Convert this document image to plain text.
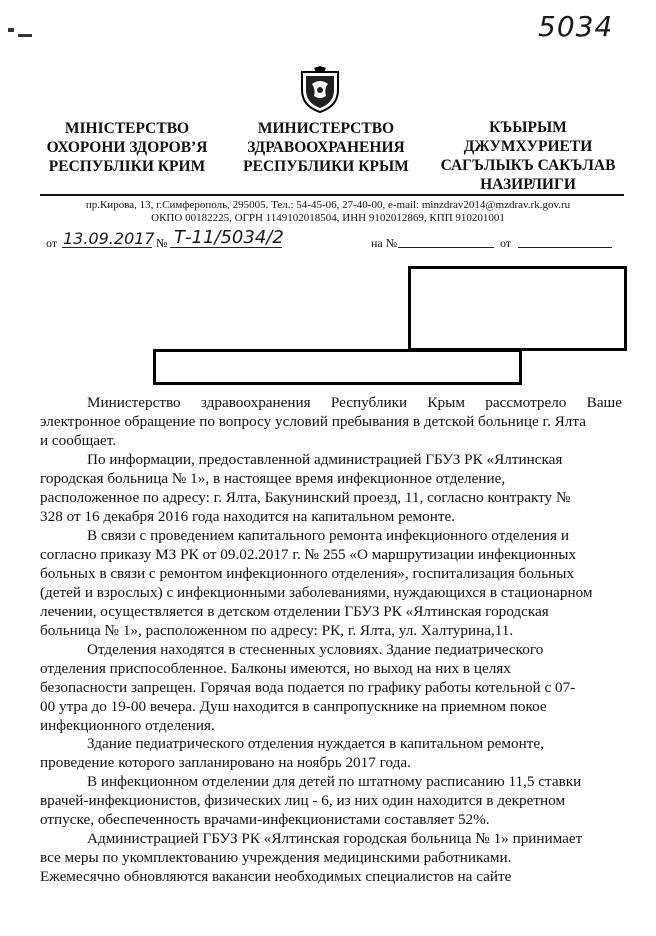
5034
МІНІСТЕРСТВО
ОХОРОНИ ЗДОРОВ’Я
РЕСПУБЛІКИ КРИМ
МИНИСТЕРСТВО
ЗДРАВООХРАНЕНИЯ
РЕСПУБЛИКИ КРЫМ
КЪЫРЫМ
ДЖУМХУРИЕТИ
САГЪЛЫКЪ САКЪЛАВ
НАЗИРЛИГИ
пр.Кирова, 13, г.Симферополь, 295005. Тел.: 54-45-06, 27-40-00, e-mail: minzdrav2014@mzdrav.rk.gov.ru
ОКПО 00182225, ОГРН 1149102018504, ИНН 9102012869, КПП 910201001
от 13.09.2017 № Т-11/5034/2	на №	от
Министерство здравоохранения Республики Крым рассмотрело Ваше
электронное обращение по вопросу условий пребывания в детской больнице г. Ялта
и сообщает.
По информации, предоставленной администрацией ГБУЗ РК «Ялтинская
городская больница № 1», в настоящее время инфекционное отделение,
расположенное по адресу: г. Ялта, Бакунинский проезд, 11, согласно контракту №
328 от 16 декабря 2016 года находится на капитальном ремонте.
В связи с проведением капитального ремонта инфекционного отделения и
согласно приказу МЗ РК от 09.02.2017 г. № 255 «О маршрутизации инфекционных
больных в связи с ремонтом инфекционного отделения», госпитализация больных
(детей и взрослых) с инфекционными заболеваниями, нуждающихся в стационарном
лечении, осуществляется в детском отделении ГБУЗ РК «Ялтинская городская
больница № 1», расположенном по адресу: РК, г. Ялта, ул. Халтурина,11.
Отделения находятся в стесненных условиях. Здание педиатрического
отделения приспособленное. Балконы имеются, но выход на них в целях
безопасности запрещен. Горячая вода подается по графику работы котельной с 07-
00 утра до 19-00 вечера. Душ находится в санпропускнике на приемном покое
инфекционного отделения.
Здание педиатрического отделения нуждается в капитальном ремонте,
проведение которого запланировано на ноябрь 2017 года.
В инфекционном отделении для детей по штатному расписанию 11,5 ставки
врачей-инфекционистов, физических лиц - 6, из них один находится в декретном
отпуске, обеспеченность врачами-инфекционистами составляет 52%.
Администрацией ГБУЗ РК «Ялтинская городская больница № 1» принимает
все меры по укомплектованию учреждения медицинскими работниками.
Ежемесячно обновляются вакансии необходимых специалистов на сайте
